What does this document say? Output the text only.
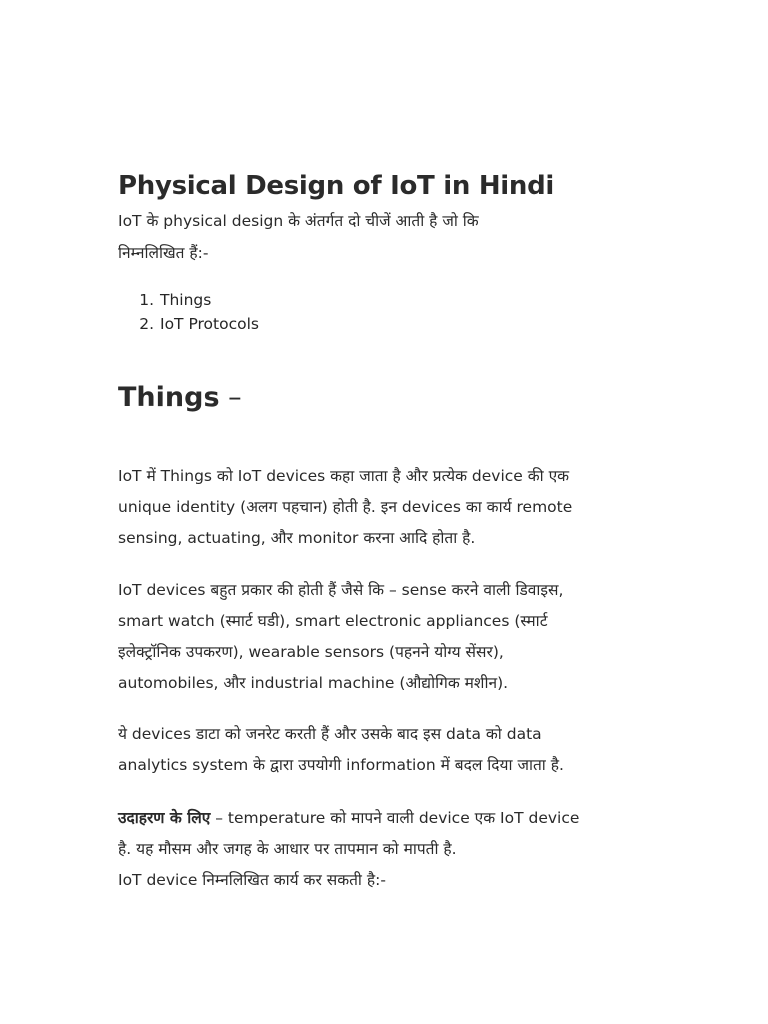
Physical Design of IoT in Hindi

IoT के physical design के अंतर्गत दो चीजें आती है जो कि
निम्नलिखित हैं:-

1. Things
2. IoT Protocols
Things –

IoT में Things को IoT devices कहा जाता है और प्रत्येक device की एक
unique identity (अलग पहचान) होती है. इन devices का कार्य remote
sensing, actuating, और monitor करना आदि होता है.

IoT devices बहुत प्रकार की होती हैं जैसे कि – sense करने वाली डिवाइस,
smart watch (स्मार्ट घडी), smart electronic appliances (स्मार्ट
इलेक्ट्रॉनिक उपकरण), wearable sensors (पहनने योग्य सेंसर),
automobiles, और industrial machine (औद्योगिक मशीन).

ये devices डाटा को जनरेट करती हैं और उसके बाद इस data को data
analytics system के द्वारा उपयोगी information में बदल दिया जाता है.

उदाहरण के लिए – temperature को मापने वाली device एक IoT device
है. यह मौसम और जगह के आधार पर तापमान को मापती है.
IoT device निम्नलिखित कार्य कर सकती है:-
